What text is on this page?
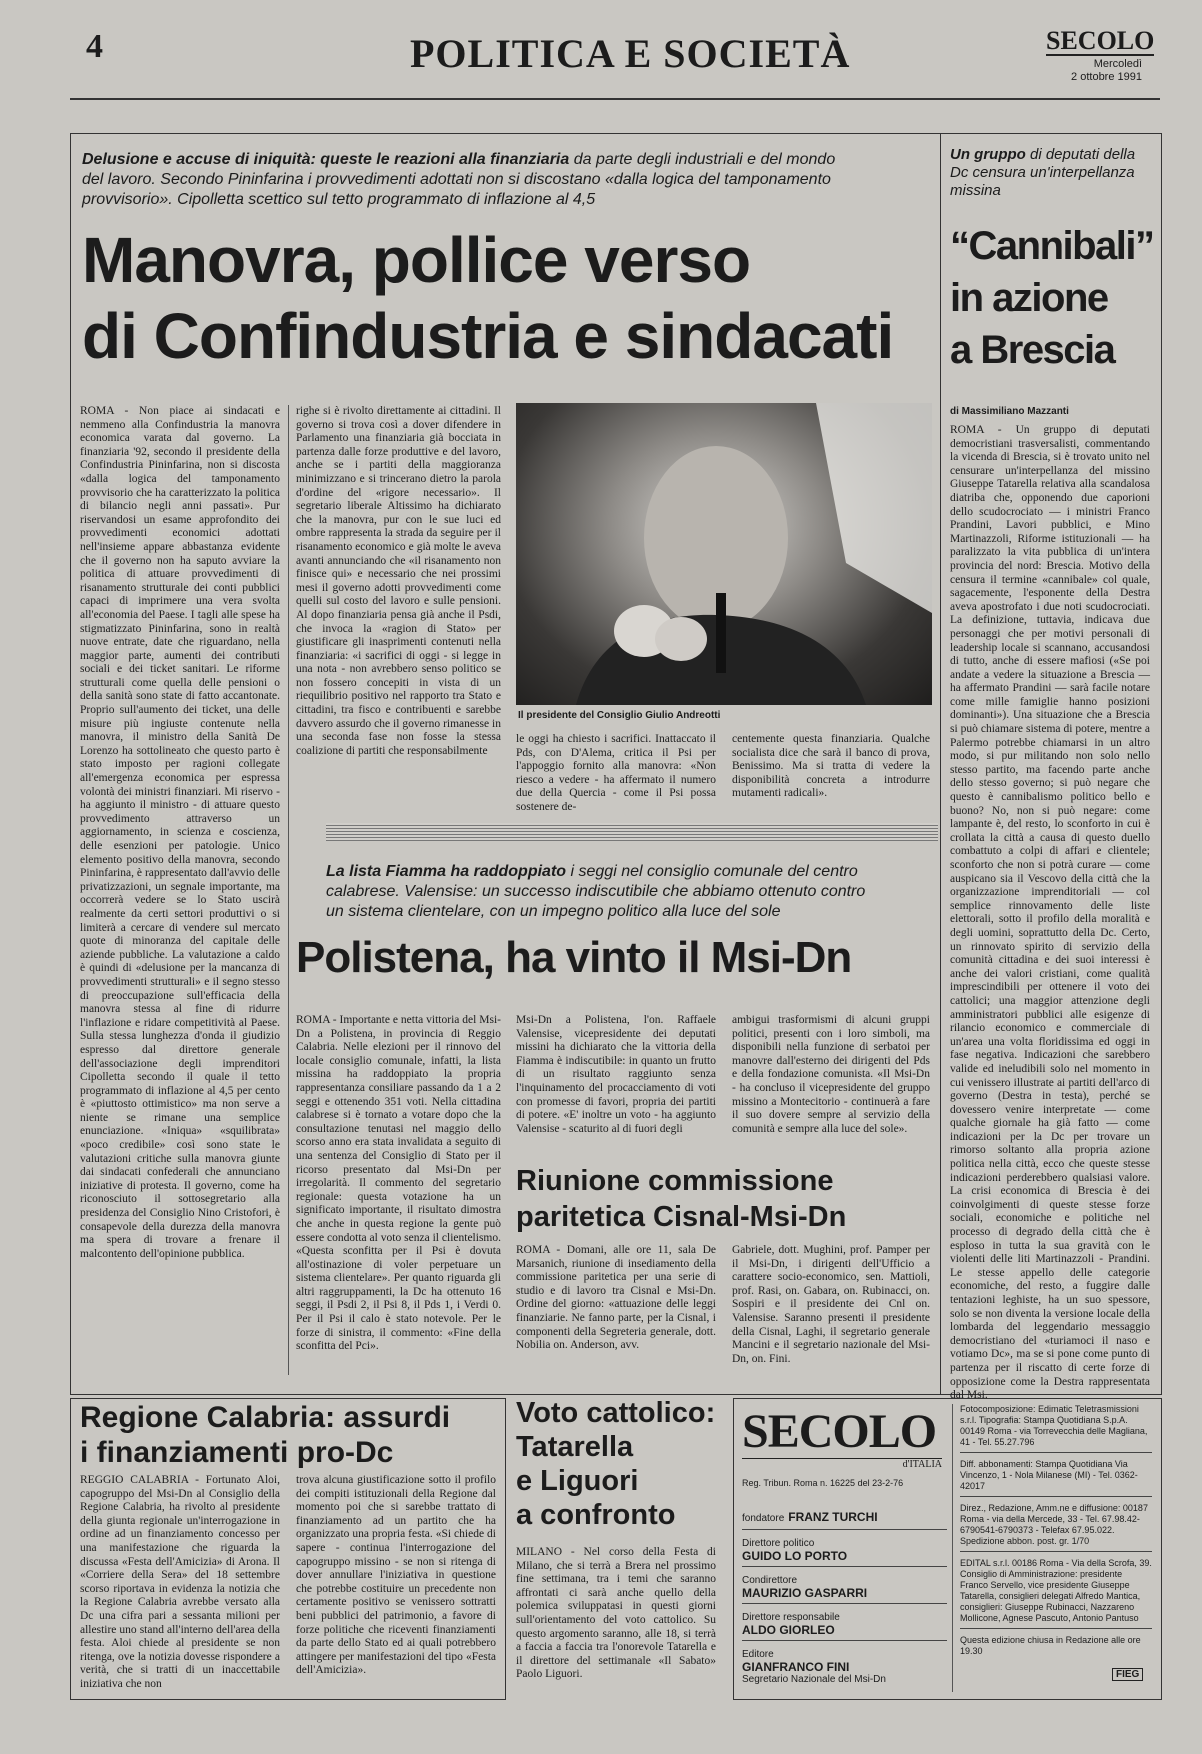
4	POLITICA E SOCIETÀ	SECOLO
Mercoledì
2 ottobre 1991
Delusione e accuse di iniquità: queste le reazioni alla finanziaria da parte degli industriali e del mondo del lavoro. Secondo Pininfarina i provvedimenti adottati non si discostano «dalla logica del tamponamento provvisorio». Cipolletta scettico sul tetto programmato di inflazione al 4,5
Manovra, pollice verso
di Confindustria e sindacati
ROMA - Non piace ai sindacati e nemmeno alla Confindustria la manovra economica varata dal governo. La finanziaria '92, secondo il presidente della Confindustria Pininfarina, non si discosta «dalla logica del tamponamento provvisorio che ha caratterizzato la politica di bilancio negli anni passati». Pur riservandosi un esame approfondito dei provvedimenti economici adottati nell'insieme appare abbastanza evidente che il governo non ha saputo avviare la politica di attuare provvedimenti di risanamento strutturale dei conti pubblici capaci di imprimere una vera svolta all'economia del Paese. I tagli alle spese ha stigmatizzato Pininfarina, sono in realtà nuove entrate, date che riguardano, nella maggior parte, aumenti dei contributi sociali e dei ticket sanitari. Le riforme strutturali come quella delle pensioni o della sanità sono state di fatto accantonate. Proprio sull'aumento dei ticket, una delle misure più ingiuste contenute nella manovra, il ministro della Sanità De Lorenzo ha sottolineato che questo parto è stato imposto per ragioni collegate all'emergenza economica per espressa volontà dei ministri finanziari. Mi riservo - ha aggiunto il ministro - di attuare questo provvedimento attraverso un aggiornamento, in scienza e coscienza, delle esenzioni per patologie. Unico elemento positivo della manovra, secondo Pininfarina, è rappresentato dall'avvio delle privatizzazioni, un segnale importante, ma occorrerà vedere se lo Stato uscirà realmente da certi settori produttivi o si limiterà a cercare di vendere sul mercato quote di minoranza del capitale delle aziende pubbliche. La valutazione a caldo è quindi di «delusione per la mancanza di provvedimenti strutturali» e il segno stesso di preoccupazione sull'efficacia della manovra stessa al fine di ridurre l'inflazione e ridare competitività al Paese. Sulla stessa lunghezza d'onda il giudizio espresso dal direttore generale dell'associazione degli imprenditori Cipolletta secondo il quale il tetto programmato di inflazione al 4,5 per cento è «piuttosto ottimistico» ma non serve a niente se rimane una semplice enunciazione. «Iniqua» «squilibrata» «poco credibile» così sono state le valutazioni critiche sulla manovra giunte dai sindacati confederali che annunciano iniziative di protesta. Il governo, come ha riconosciuto il sottosegretario alla presidenza del Consiglio Nino Cristofori, è consapevole della durezza della manovra ma spera di trovare a frenare il malcontento dell'opinione pubblica.
righe si è rivolto direttamente ai cittadini. Il governo si trova così a dover difendere in Parlamento una finanziaria già bocciata in partenza dalle forze produttive e del lavoro, anche se i partiti della maggioranza minimizzano e si trincerano dietro la parola d'ordine del «rigore necessario». Il segretario liberale Altissimo ha dichiarato che la manovra, pur con le sue luci ed ombre rappresenta la strada da seguire per il risanamento economico e già molte le aveva avanti annunciando che «il risanamento non finisce qui» e necessario che nei prossimi mesi il governo adotti provvedimenti come quelli sul costo del lavoro e sulle pensioni. Al dopo finanziaria pensa già anche il Psdi, che invoca la «ragion di Stato» per giustificare gli inasprimenti contenuti nella finanziaria: «i sacrifici di oggi - si legge in una nota - non avrebbero senso politico se non fossero concepiti in vista di un riequilibrio positivo nel rapporto tra Stato e cittadini, tra fisco e contribuenti e sarebbe davvero assurdo che il governo rimanesse in una seconda fase non fosse la stessa coalizione di partiti che responsabilmente
Il presidente del Consiglio Giulio Andreotti
le oggi ha chiesto i sacrifici. Inattaccato il Pds, con D'Alema, critica il Psi per l'appoggio fornito alla manovra: «Non riesco a vedere - ha affermato il numero due della Quercia - come il Psi possa sostenere de-
centemente questa finanziaria. Qualche socialista dice che sarà il banco di prova, Benissimo. Ma si tratta di vedere la disponibilità concreta a introdurre mutamenti radicali».
La lista Fiamma ha raddoppiato i seggi nel consiglio comunale del centro calabrese. Valensise: un successo indiscutibile che abbiamo ottenuto contro un sistema clientelare, con un impegno politico alla luce del sole
Polistena, ha vinto il Msi-Dn
ROMA - Importante e netta vittoria del Msi-Dn a Polistena, in provincia di Reggio Calabria. Nelle elezioni per il rinnovo del locale consiglio comunale, infatti, la lista missina ha raddoppiato la propria rappresentanza consiliare passando da 1 a 2 seggi e ottenendo 351 voti. Nella cittadina calabrese si è tornato a votare dopo che la consultazione tenutasi nel maggio dello scorso anno era stata invalidata a seguito di una sentenza del Consiglio di Stato per il ricorso presentato dal Msi-Dn per irregolarità. Il commento del segretario regionale: questa votazione ha un significato importante, il risultato dimostra che anche in questa regione la gente può essere condotta al voto senza il clientelismo. «Questa sconfitta per il Psi è dovuta all'ostinazione di voler perpetuare un sistema clientelare». Per quanto riguarda gli altri raggruppamenti, la Dc ha ottenuto 16 seggi, il Psdi 2, il Psi 8, il Pds 1, i Verdi 0. Per il Psi il calo è stato notevole. Per le forze di sinistra, il commento: «Fine della sconfitta del Pci».
Msi-Dn a Polistena, l'on. Raffaele Valensise, vicepresidente dei deputati missini ha dichiarato che la vittoria della Fiamma è indiscutibile: in quanto un frutto di un risultato raggiunto senza l'inquinamento del procacciamento di voti con promesse di favori, propria dei partiti di potere. «E' inoltre un voto - ha aggiunto Valensise - scaturito al di fuori degli
ambigui trasformismi di alcuni gruppi politici, presenti con i loro simboli, ma disponibili nella funzione di serbatoi per manovre dall'esterno dei dirigenti del Pds e della fondazione comunista. «Il Msi-Dn - ha concluso il vicepresidente del gruppo missino a Montecitorio - continuerà a fare il suo dovere sempre al servizio della comunità e sempre alla luce del sole».
Riunione commissione
paritetica Cisnal-Msi-Dn
ROMA - Domani, alle ore 11, sala De Marsanich, riunione di insediamento della commissione paritetica per una serie di studio e di lavoro tra Cisnal e Msi-Dn. Ordine del giorno: «attuazione delle leggi finanziarie. Ne fanno parte, per la Cisnal, i componenti della Segreteria generale, dott. Nobilia on. Anderson, avv.
Gabriele, dott. Mughini, prof. Pamper per il Msi-Dn, i dirigenti dell'Ufficio a carattere socio-economico, sen. Mattioli, prof. Rasi, on. Gabara, on. Rubinacci, on. Sospiri e il presidente dei Cnl on. Valensise. Saranno presenti il presidente della Cisnal, Laghi, il segretario generale Mancini e il segretario nazionale del Msi-Dn, on. Fini.
Un gruppo di deputati della Dc censura un'interpellanza missina
“Cannibali”
in azione
a Brescia
di Massimiliano Mazzanti
ROMA - Un gruppo di deputati democristiani trasversalisti, commentando la vicenda di Brescia, si è trovato unito nel censurare un'interpellanza del missino Giuseppe Tatarella relativa alla scandalosa diatriba che, opponendo due caporioni dello scudocrociato — i ministri Franco Prandini, Lavori pubblici, e Mino Martinazzoli, Riforme istituzionali — ha paralizzato la vita pubblica di un'intera provincia del nord: Brescia. Motivo della censura il termine «cannibale» col quale, sagacemente, l'esponente della Destra aveva apostrofato i due noti scudocrociati. La definizione, tuttavia, indicava due personaggi che per motivi personali di leadership locale si scannano, accusandosi di tutto, anche di essere mafiosi («Se poi andate a vedere la situazione a Brescia — ha affermato Prandini — sarà facile notare come mille famiglie hanno posizioni dominanti»). Una situazione che a Brescia si può chiamare sistema di potere, mentre a Palermo potrebbe chiamarsi in un altro modo, si pur militando non solo nello stesso partito, ma facendo parte anche dello stesso governo; si può negare che questo è cannibalismo politico bello e buono? No, non si può negare: come lampante è, del resto, lo sconforto in cui è crollata la città a causa di questo duello combattuto a colpi di affari e clientele; sconforto che non si potrà curare — come auspicano sia il Vescovo della città che la organizzazione imprenditoriali — col semplice rinnovamento delle liste elettorali, sotto il profilo della moralità e degli uomini, soprattutto della Dc. Certo, un rinnovato spirito di servizio della comunità cittadina e dei suoi interessi è anche dei valori cristiani, come qualità imprescindibili per ottenere il voto dei cattolici; una maggior attenzione degli amministratori pubblici alle esigenze di rilancio economico e commerciale di un'area una volta floridissima ed oggi in fase negativa. Indicazioni che sarebbero valide ed ineludibili solo nel momento in cui venissero illustrate ai partiti dell'arco di governo (Destra in testa), perché se dovessero venire interpretate — come qualche giornale ha già fatto — come indicazioni per la Dc per trovare un rimorso soltanto alla propria azione politica nella città, ecco che queste stesse indicazioni perderebbero qualsiasi valore. La crisi economica di Brescia è dei coinvolgimenti di queste stesse forze sociali, economiche e politiche nel processo di degrado della città che è esploso in tutta la sua gravità con le violenti delle liti Martinazzoli - Prandini. Le stesse appello delle categorie economiche, del resto, a fuggire dalle tentazioni leghiste, ha un suo spessore, solo se non diventa la versione locale della lombarda del leggendario messaggio democristiano del «turiamoci il naso e votiamo Dc», ma se si pone come punto di partenza per il riscatto di certe forze di opposizione come la Destra rappresentata dal Msi.
Regione Calabria: assurdi
i finanziamenti pro-Dc
REGGIO CALABRIA - Fortunato Aloi, capogruppo del Msi-Dn al Consiglio della Regione Calabria, ha rivolto al presidente della giunta regionale un'interrogazione in ordine ad un finanziamento concesso per una manifestazione che riguarda la discussa «Festa dell'Amicizia» di Arona. Il «Corriere della Sera» del 18 settembre scorso riportava in evidenza la notizia che la Regione Calabria avrebbe versato alla Dc una cifra pari a sessanta milioni per allestire uno stand all'interno dell'area della festa. Aloi chiede al presidente se non ritenga, ove la notizia dovesse rispondere a verità, che si tratti di un inaccettabile iniziativa che non
trova alcuna giustificazione sotto il profilo dei compiti istituzionali della Regione dal momento poi che si sarebbe trattato di finanziamento ad un partito che ha organizzato una propria festa. «Si chiede di sapere - continua l'interrogazione del capogruppo missino - se non si ritenga di dover annullare l'iniziativa in questione che potrebbe costituire un precedente non certamente positivo se venissero sottratti beni pubblici del patrimonio, a favore di forze politiche che riceventi finanziamenti da parte dello Stato ed ai quali potrebbero attingere per manifestazioni del tipo «Festa dell'Amicizia».
Voto cattolico:
Tatarella
e Liguori
a confronto
MILANO - Nel corso della Festa di Milano, che si terrà a Brera nel prossimo fine settimana, tra i temi che saranno affrontati ci sarà anche quello della polemica sviluppatasi in questi giorni sull'orientamento del voto cattolico. Su questo argomento saranno, alle 18, si terrà a faccia a faccia tra l'onorevole Tatarella e il direttore del settimanale «Il Sabato» Paolo Liguori.
SECOLO
d'ITALIA
Reg. Tribun. Roma n. 16225 del 23-2-76
fondatore FRANZ TURCHI
Direttore politico
GUIDO LO PORTO
Condirettore
MAURIZIO GASPARRI
Direttore responsabile
ALDO GIORLEO
Editore
GIANFRANCO FINI
Segretario Nazionale del Msi-Dn

Fotocomposizione: Edimatic Teletrasmissioni s.r.l. Tipografia: Stampa Quotidiana S.p.A. 00149 Roma - via Torrevecchia delle Magliana, 41 - Tel. 55.27.796

Diff. abbonamenti: Stampa Quotidiana Via Vincenzo, 1 - Nola Milanese (MI) - Tel. 0362-42017

Direz., Redazione, Amm.ne e diffusione: 00187 Roma - via della Mercede, 33 - Tel. 67.98.42-6790541-6790373 - Telefax 67.95.022. Spedizione abbon. post. gr. 1/70

EDITAL s.r.l. 00186 Roma - Via della Scrofa, 39. Consiglio di Amministrazione: presidente Franco Servello, vice presidente Giuseppe Tatarella, consiglieri delegati Alfredo Mantica, consiglieri: Giuseppe Rubinacci, Nazzareno Mollicone, Agnese Pascuto, Antonio Pantuso

Questa edizione chiusa in Redazione alle ore 19.30

FIEG
